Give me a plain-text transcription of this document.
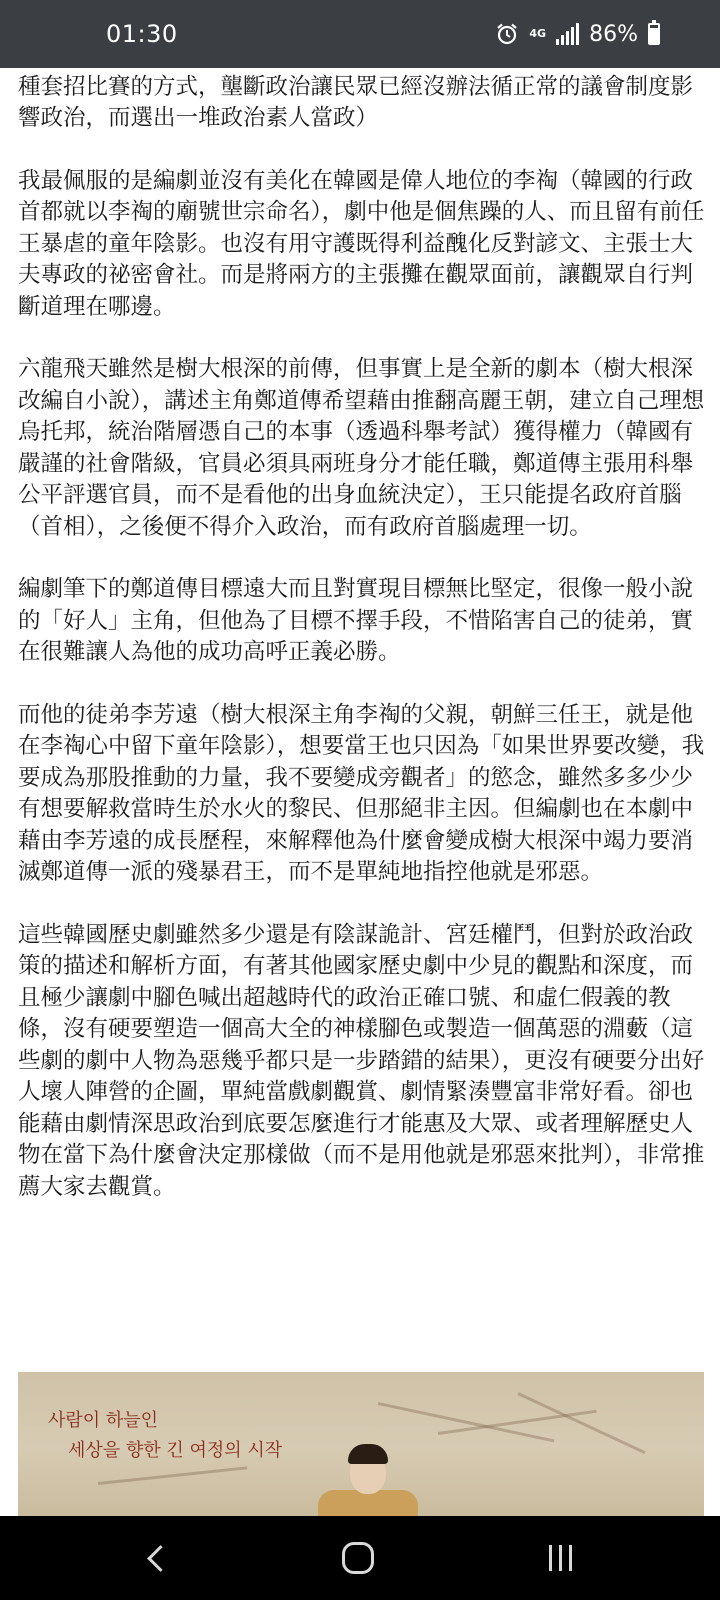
01:30	4G 86%

種套招比賽的方式，壟斷政治讓民眾已經沒辦法循正常的議會制度影響政治，而選出一堆政治素人當政）

我最佩服的是編劇並沒有美化在韓國是偉人地位的李祹（韓國的行政首都就以李祹的廟號世宗命名），劇中他是個焦躁的人、而且留有前任王暴虐的童年陰影。也沒有用守護既得利益醜化反對諺文、主張士大夫專政的祕密會社。而是將兩方的主張攤在觀眾面前，讓觀眾自行判斷道理在哪邊。

六龍飛天雖然是樹大根深的前傳，但事實上是全新的劇本（樹大根深改編自小說），講述主角鄭道傳希望藉由推翻高麗王朝，建立自己理想烏托邦，統治階層憑自己的本事（透過科舉考試）獲得權力（韓國有嚴謹的社會階級，官員必須具兩班身分才能任職，鄭道傳主張用科舉公平評選官員，而不是看他的出身血統決定），王只能提名政府首腦（首相），之後便不得介入政治，而有政府首腦處理一切。

編劇筆下的鄭道傳目標遠大而且對實現目標無比堅定，很像一般小說的「好人」主角，但他為了目標不擇手段，不惜陷害自己的徒弟，實在很難讓人為他的成功高呼正義必勝。

而他的徒弟李芳遠（樹大根深主角李祹的父親，朝鮮三任王，就是他在李祹心中留下童年陰影），想要當王也只因為「如果世界要改變，我要成為那股推動的力量，我不要變成旁觀者」的慾念，雖然多多少少有想要解救當時生於水火的黎民、但那絕非主因。但編劇也在本劇中藉由李芳遠的成長歷程，來解釋他為什麼會變成樹大根深中竭力要消滅鄭道傳一派的殘暴君王，而不是單純地指控他就是邪惡。

這些韓國歷史劇雖然多少還是有陰謀詭計、宮廷權鬥，但對於政治政策的描述和解析方面，有著其他國家歷史劇中少見的觀點和深度，而且極少讓劇中腳色喊出超越時代的政治正確口號、和虛仁假義的教條，沒有硬要塑造一個高大全的神樣腳色或製造一個萬惡的淵藪（這些劇的劇中人物為惡幾乎都只是一步踏錯的結果），更沒有硬要分出好人壞人陣營的企圖，單純當戲劇觀賞、劇情緊湊豐富非常好看。卻也能藉由劇情深思政治到底要怎麼進行才能惠及大眾、或者理解歷史人物在當下為什麼會決定那樣做（而不是用他就是邪惡來批判），非常推薦大家去觀賞。

사람이 하늘인
세상을 향한 긴 여정의 시작
